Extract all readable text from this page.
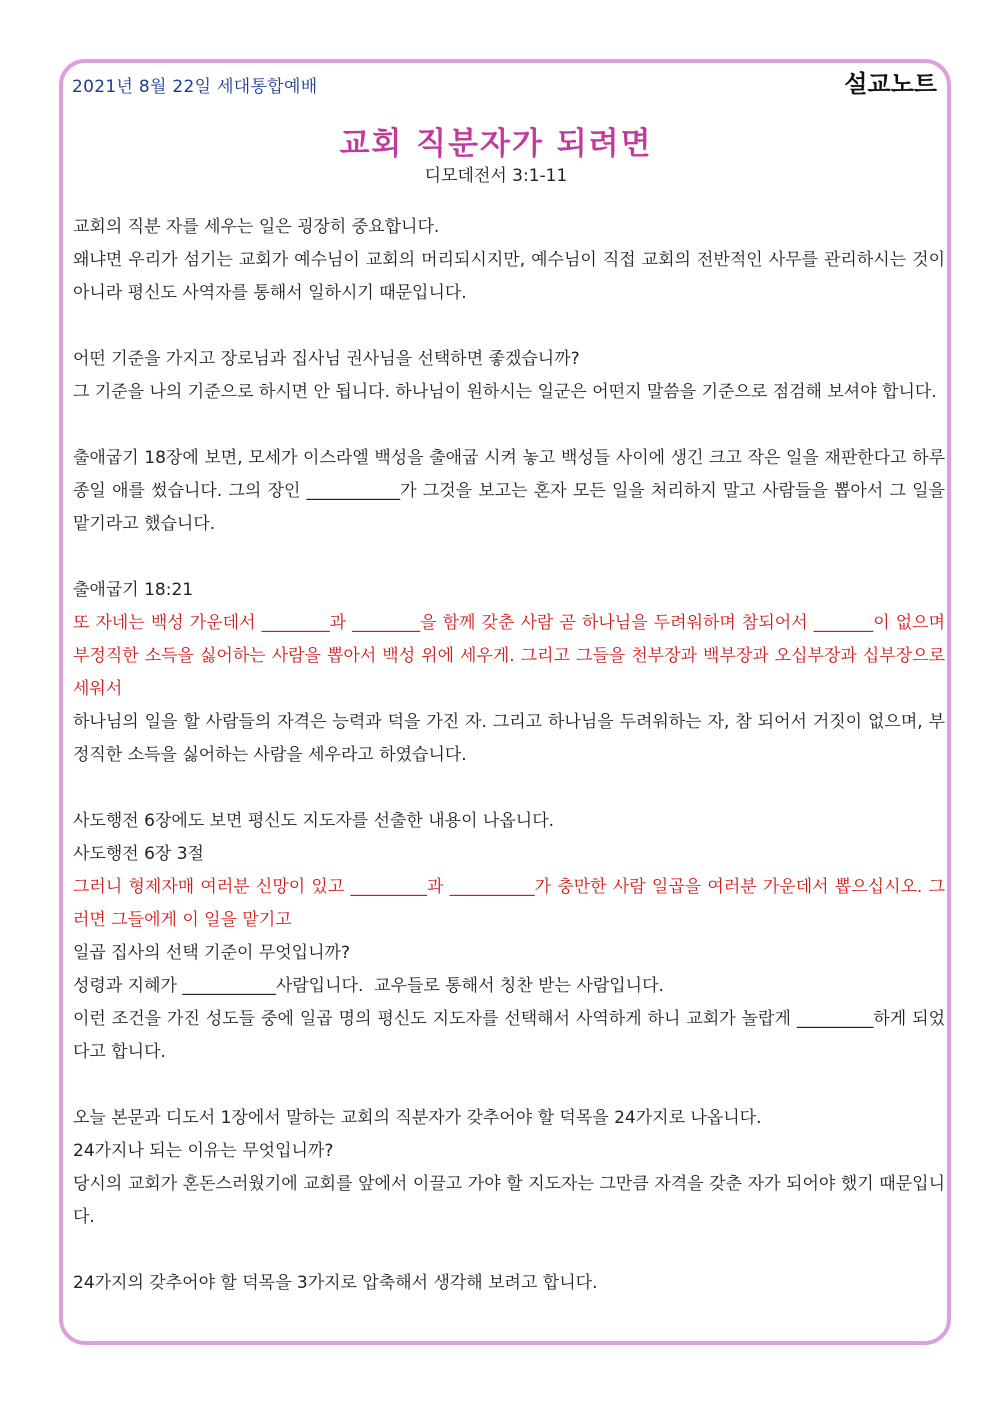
2021년 8월 22일 세대통합예배	설교노트
교회 직분자가 되려면
디모데전서 3:1-11

교회의 직분 자를 세우는 일은 굉장히 중요합니다.

왜냐면 우리가 섬기는 교회가 예수님이 교회의 머리되시지만, 예수님이 직접 교회의 전반적인 사무를 관리하시는 것이 아니라 평신도 사역자를 통해서 일하시기 때문입니다.

어떤 기준을 가지고 장로님과 집사님 권사님을 선택하면 좋겠습니까?

그 기준을 나의 기준으로 하시면 안 됩니다. 하나님이 원하시는 일군은 어떤지 말씀을 기준으로 점검해 보셔야 합니다.

출애굽기 18장에 보면, 모세가 이스라엘 백성을 출애굽 시켜 놓고 백성들 사이에 생긴 크고 작은 일을 재판한다고 하루 종일 애를 썼습니다. 그의 장인 ___________가 그것을 보고는 혼자 모든 일을 처리하지 말고 사람들을 뽑아서 그 일을 맡기라고 했습니다.

출애굽기 18:21

또 자네는 백성 가운데서 ________과 ________을 함께 갖춘 사람 곧 하나님을 두려워하며 참되어서 _______이 없으며 부정직한 소득을 싫어하는 사람을 뽑아서 백성 위에 세우게. 그리고 그들을 천부장과 백부장과 오십부장과 십부장으로 세워서

하나님의 일을 할 사람들의 자격은 능력과 덕을 가진 자. 그리고 하나님을 두려워하는 자, 참 되어서 거짓이 없으며, 부정직한 소득을 싫어하는 사람을 세우라고 하였습니다.

사도행전 6장에도 보면 평신도 지도자를 선출한 내용이 나옵니다.

사도행전 6장 3절

그러니 형제자매 여러분 신망이 있고 _________과 __________가 충만한 사람 일곱을 여러분 가운데서 뽑으십시오. 그러면 그들에게 이 일을 맡기고

일곱 집사의 선택 기준이 무엇입니까?

성령과 지혜가 ___________사람입니다.  교우들로 통해서 칭찬 받는 사람입니다.

이런 조건을 가진 성도들 중에 일곱 명의 평신도 지도자를 선택해서 사역하게 하니 교회가 놀랍게 _________하게 되었다고 합니다.

오늘 본문과 디도서 1장에서 말하는 교회의 직분자가 갖추어야 할 덕목을 24가지로 나옵니다.

24가지나 되는 이유는 무엇입니까?

당시의 교회가 혼돈스러웠기에 교회를 앞에서 이끌고 가야 할 지도자는 그만큼 자격을 갖춘 자가 되어야 했기 때문입니다.

24가지의 갖추어야 할 덕목을 3가지로 압축해서 생각해 보려고 합니다.
